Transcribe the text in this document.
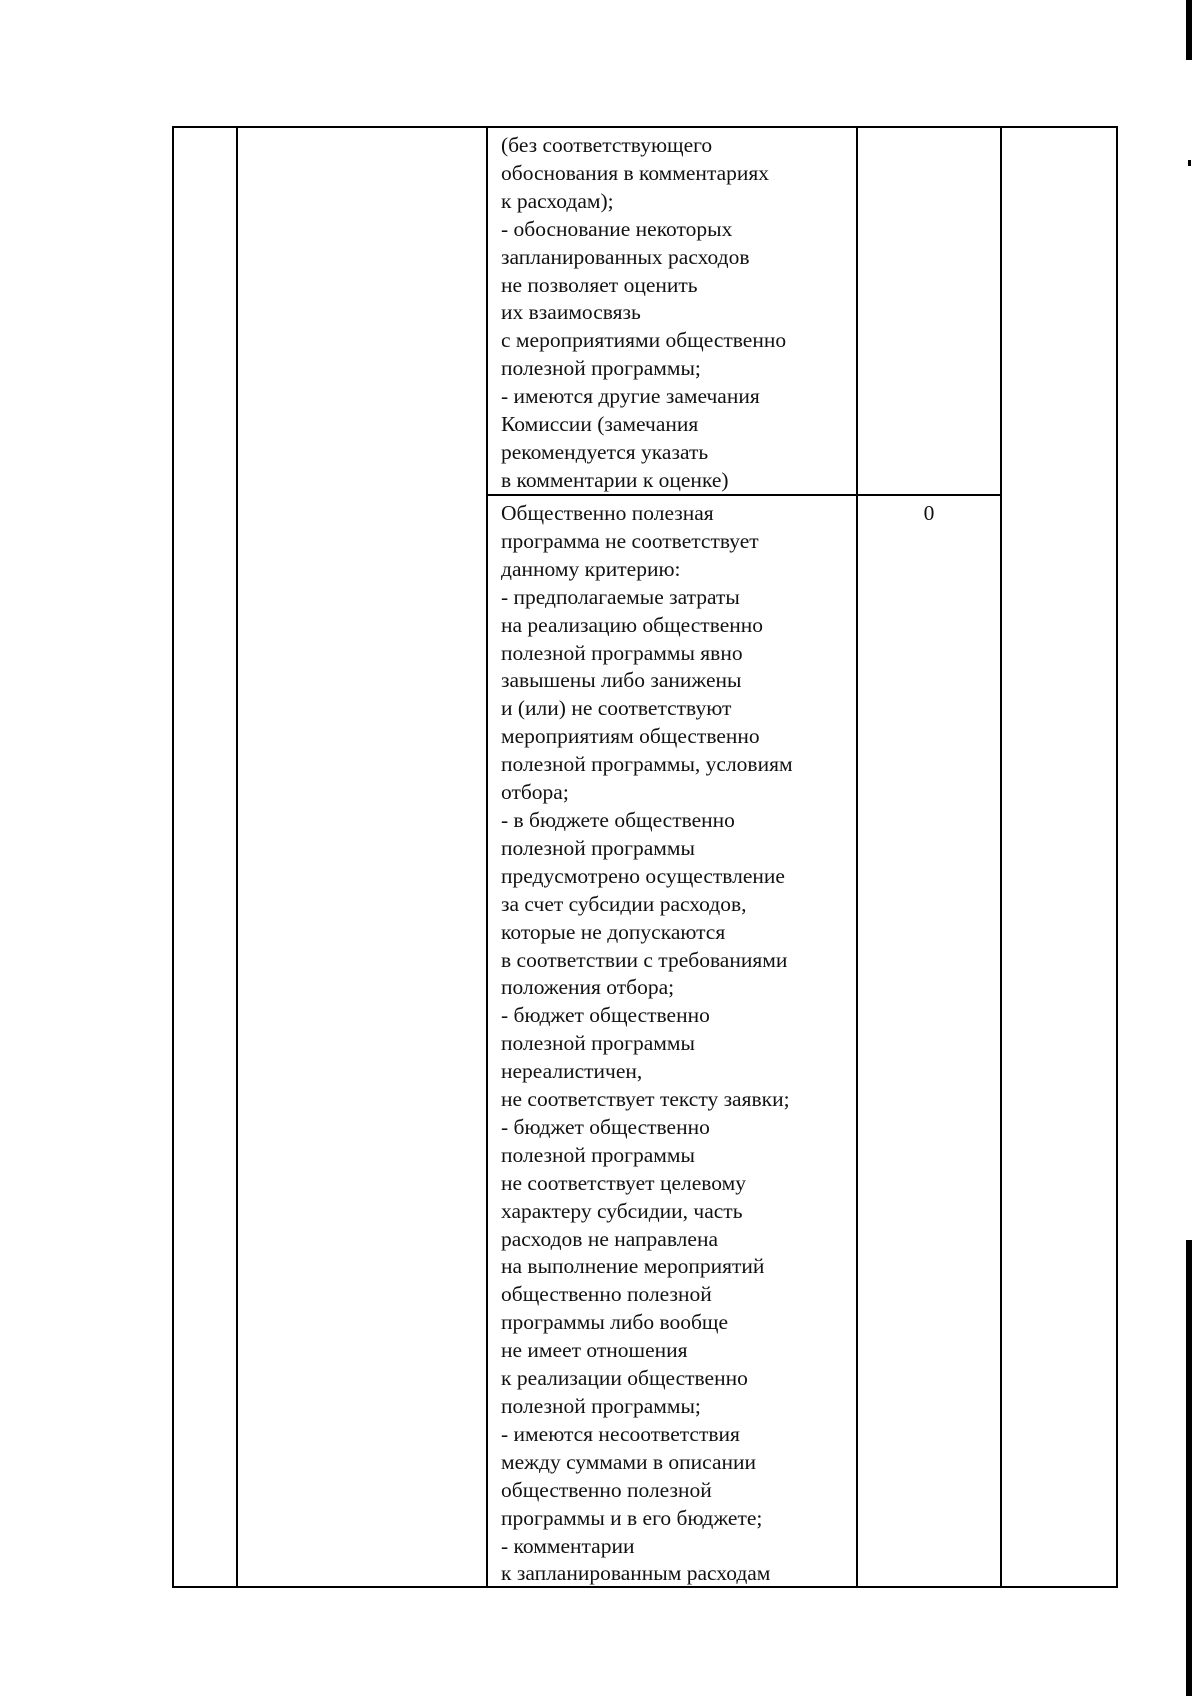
(без соответствующего
обоснования в комментариях
к расходам);
- обоснование некоторых
запланированных расходов
не позволяет оценить
их взаимосвязь
с мероприятиями общественно
полезной программы;
- имеются другие замечания
Комиссии (замечания
рекомендуется указать
в комментарии к оценке)

Общественно полезная
программа не соответствует
данному критерию:
- предполагаемые затраты
на реализацию общественно
полезной программы явно
завышены либо занижены
и (или) не соответствуют
мероприятиям общественно
полезной программы, условиям
отбора;
- в бюджете общественно
полезной программы
предусмотрено осуществление
за счет субсидии расходов,
которые не допускаются
в соответствии с требованиями
положения отбора;
- бюджет общественно
полезной программы
нереалистичен,
не соответствует тексту заявки;
- бюджет общественно
полезной программы
не соответствует целевому
характеру субсидии, часть
расходов не направлена
на выполнение мероприятий
общественно полезной
программы либо вообще
не имеет отношения
к реализации общественно
полезной программы;
- имеются несоответствия
между суммами в описании
общественно полезной
программы и в его бюджете;
- комментарии
к запланированным расходам

0
